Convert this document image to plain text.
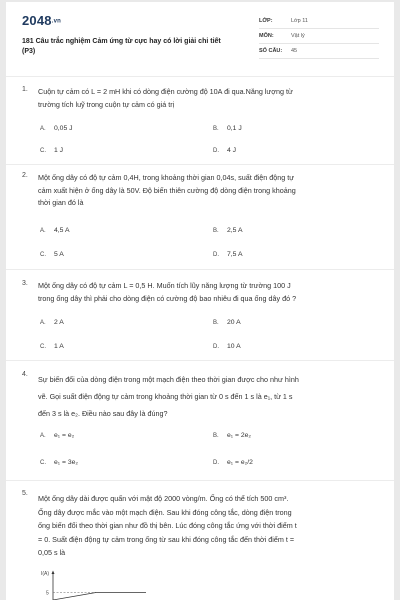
2048.vn
181 Câu trắc nghiệm Cảm ứng từ cực hay có lời giải chi tiết
(P3)
LỚP:	Lớp 11
MÔN:	Vật lý
SỐ CÂU: 45
1. Cuộn tự cảm có L = 2 mH khi có dòng điện cường độ 10A đi qua.Năng lượng từ
trường tích luỹ trong cuộn tự cảm có giá trị
A. 0,05 J	B. 0,1 J
C. 1 J	D. 4 J
2. Một ống dây có độ tự cảm 0,4H, trong khoảng thời gian 0,04s, suất điện động tự
cảm xuất hiện ở ống dây là 50V. Độ biến thiên cường độ dòng điện trong khoảng
thời gian đó là
A. 4,5 A	B. 2,5 A
C. 5 A	D. 7,5 A
3. Một ống dây có độ tự cảm L = 0,5 H. Muốn tích lũy năng lượng từ trường 100 J
trong ống dây thì phải cho dòng điện có cường độ bao nhiêu đi qua ống dây đó ?
A. 2 A	B. 20 A
C. 1 A	D. 10 A
4.
Sự biến đổi của dòng điện trong một mạch điện theo thời gian được cho như hình
vẽ. Gọi suất điện động tự cảm trong khoảng thời gian từ 0 s đến 1 s là e₁, từ 1 s
đến 3 s là e₂. Điều nào sau đây là đúng?
A. e₁ = e₂	B. e₁ = 2e₂
C. e₁ = 3e₂	D. e₁ = e₂/2
5.
Một ống dây dài được quấn với mật độ 2000 vòng/m. Ống có thể tích 500 cm³.
Ống dây được mắc vào một mạch điện. Sau khi đóng công tắc, dòng điện trong
ống biến đổi theo thời gian như đồ thị bên. Lúc đóng công tắc ứng với thời điểm t
= 0. Suất điện động tự cảm trong ống từ sau khi đóng công tắc đến thời điểm t =
0,05 s là
I(A)
5
